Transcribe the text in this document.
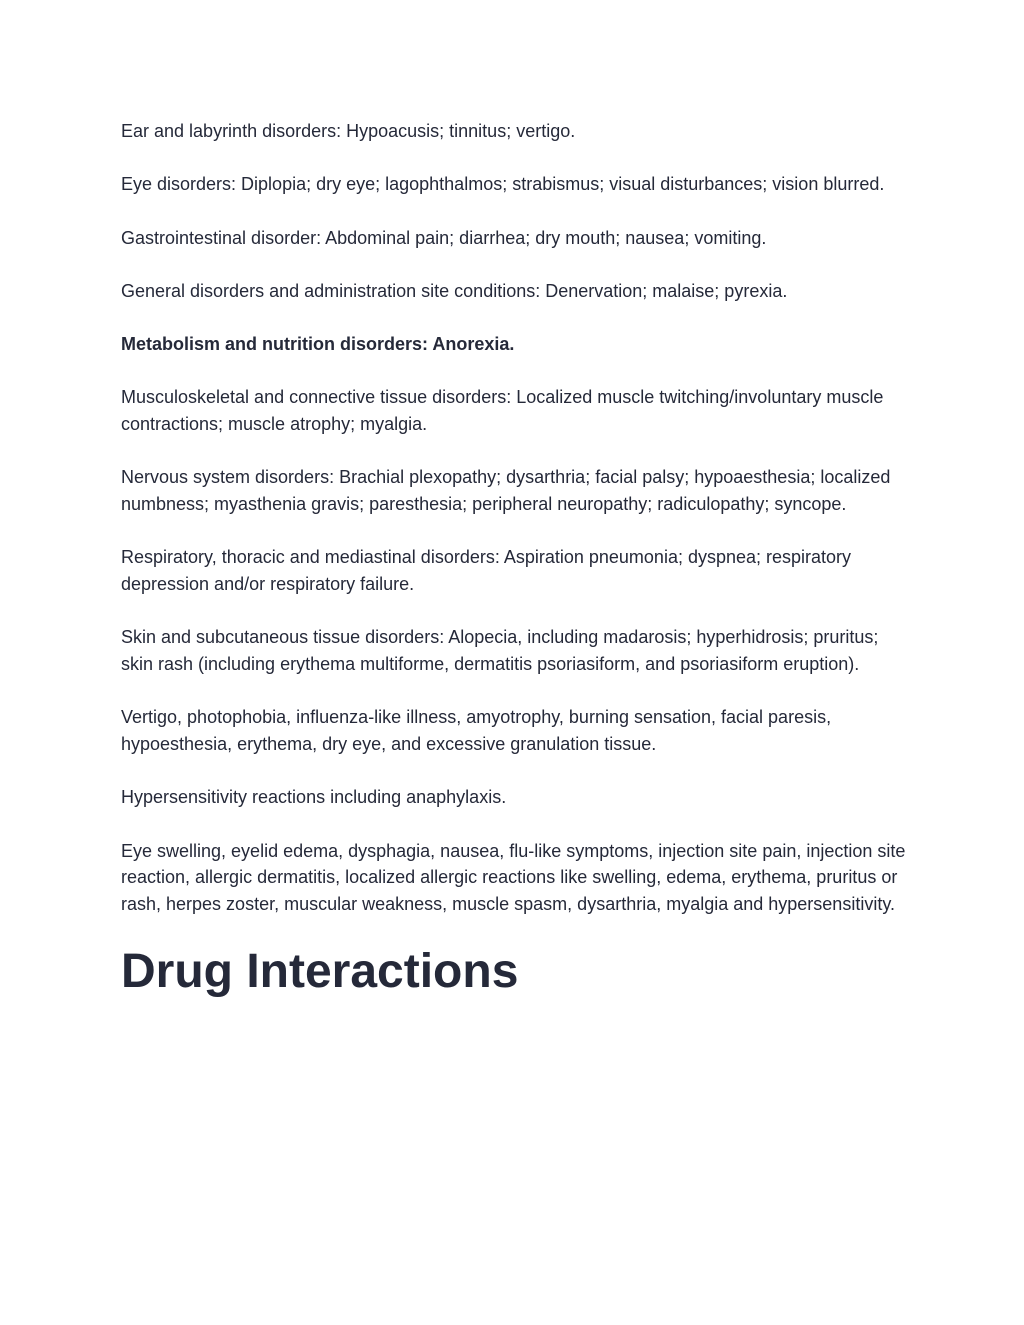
Ear and labyrinth disorders: Hypoacusis; tinnitus; vertigo.

Eye disorders: Diplopia; dry eye; lagophthalmos; strabismus; visual disturbances; vision blurred.

Gastrointestinal disorder: Abdominal pain; diarrhea; dry mouth; nausea; vomiting.

General disorders and administration site conditions: Denervation; malaise; pyrexia.

Metabolism and nutrition disorders: Anorexia.

Musculoskeletal and connective tissue disorders: Localized muscle twitching/involuntary muscle contractions; muscle atrophy; myalgia.

Nervous system disorders: Brachial plexopathy; dysarthria; facial palsy; hypoaesthesia; localized numbness; myasthenia gravis; paresthesia; peripheral neuropathy; radiculopathy; syncope.

Respiratory, thoracic and mediastinal disorders: Aspiration pneumonia; dyspnea; respiratory depression and/or respiratory failure.

Skin and subcutaneous tissue disorders: Alopecia, including madarosis; hyperhidrosis; pruritus; skin rash (including erythema multiforme, dermatitis psoriasiform, and psoriasiform eruption).

Vertigo, photophobia, influenza-like illness, amyotrophy, burning sensation, facial paresis, hypoesthesia, erythema, dry eye, and excessive granulation tissue.

Hypersensitivity reactions including anaphylaxis.

Eye swelling, eyelid edema, dysphagia, nausea, flu-like symptoms, injection site pain, injection site reaction, allergic dermatitis, localized allergic reactions like swelling, edema, erythema, pruritus or rash, herpes zoster, muscular weakness, muscle spasm, dysarthria, myalgia and hypersensitivity.

Drug Interactions
